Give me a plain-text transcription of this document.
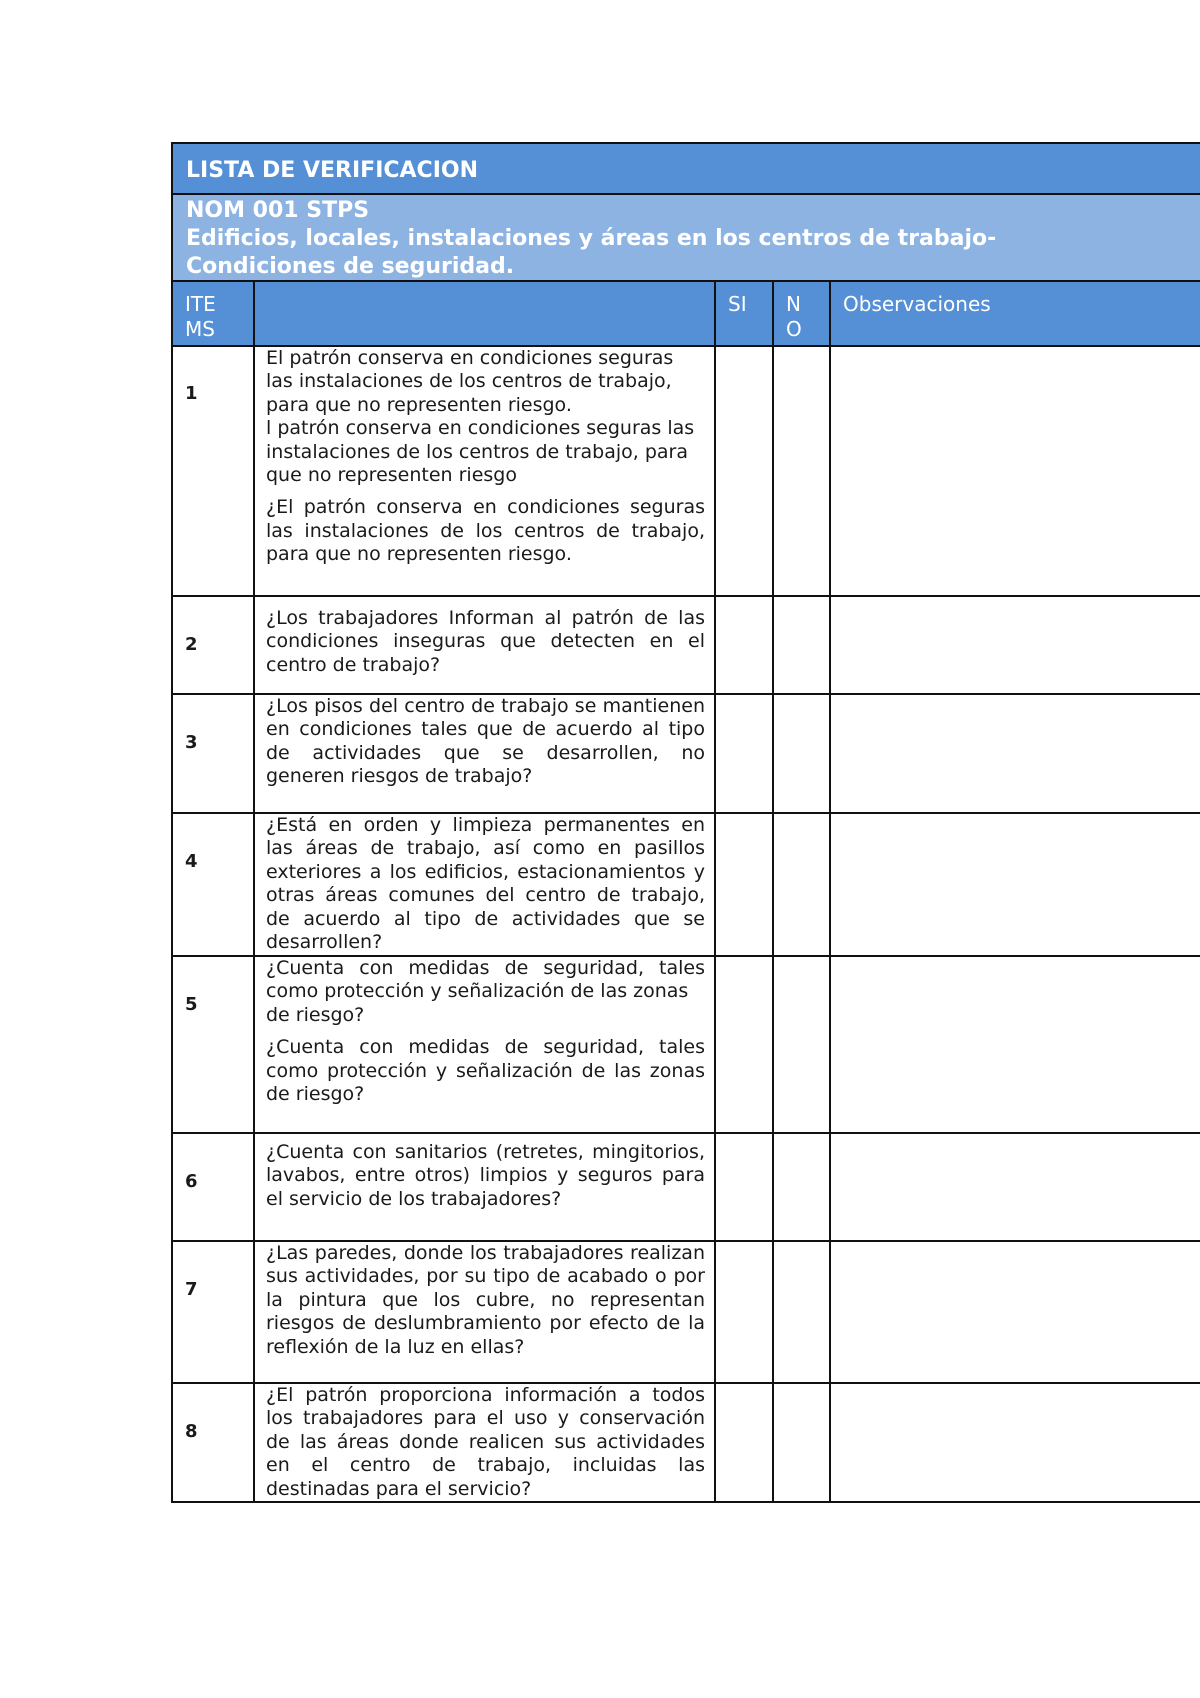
LISTA DE VERIFICACION
NOM 001 STPS
Edificios, locales, instalaciones y áreas en los centros de trabajo-
Condiciones de seguridad.
ITE
MS
SI	N
O
Observaciones
1

El patrón conserva en condiciones seguras

las instalaciones de los centros de trabajo, para que no representen riesgo.

l patrón conserva en condiciones seguras las instalaciones de los centros de trabajo, para que no representen riesgo

¿El patrón conserva en condiciones seguras las instalaciones de los centros de trabajo, para que no representen riesgo.

2

¿Los trabajadores Informan al patrón de las condiciones inseguras que detecten en el centro de trabajo?

3

¿Los pisos del centro de trabajo se mantienen en condiciones tales que de acuerdo al tipo de actividades que se desarrollen, no generen riesgos de trabajo?

4

¿Está en orden y limpieza permanentes en las áreas de trabajo, así como en pasillos exteriores a los edificios, estacionamientos y otras áreas comunes del centro de trabajo, de acuerdo al tipo de actividades que se desarrollen?

5

¿Cuenta con medidas de seguridad, tales como protección y señalización de las zonas

de riesgo?

¿Cuenta con medidas de seguridad, tales como protección y señalización de las zonas de riesgo?

6

¿Cuenta con sanitarios (retretes, mingitorios, lavabos, entre otros) limpios y seguros para el servicio de los trabajadores?

7

¿Las paredes, donde los trabajadores realizan sus actividades, por su tipo de acabado o por la pintura que los cubre, no representan riesgos de deslumbramiento por efecto de la reflexión de la luz en ellas?

8

¿El patrón proporciona información a todos los trabajadores para el uso y conservación de las áreas donde realicen sus actividades en el centro de trabajo, incluidas las destinadas para el servicio?
